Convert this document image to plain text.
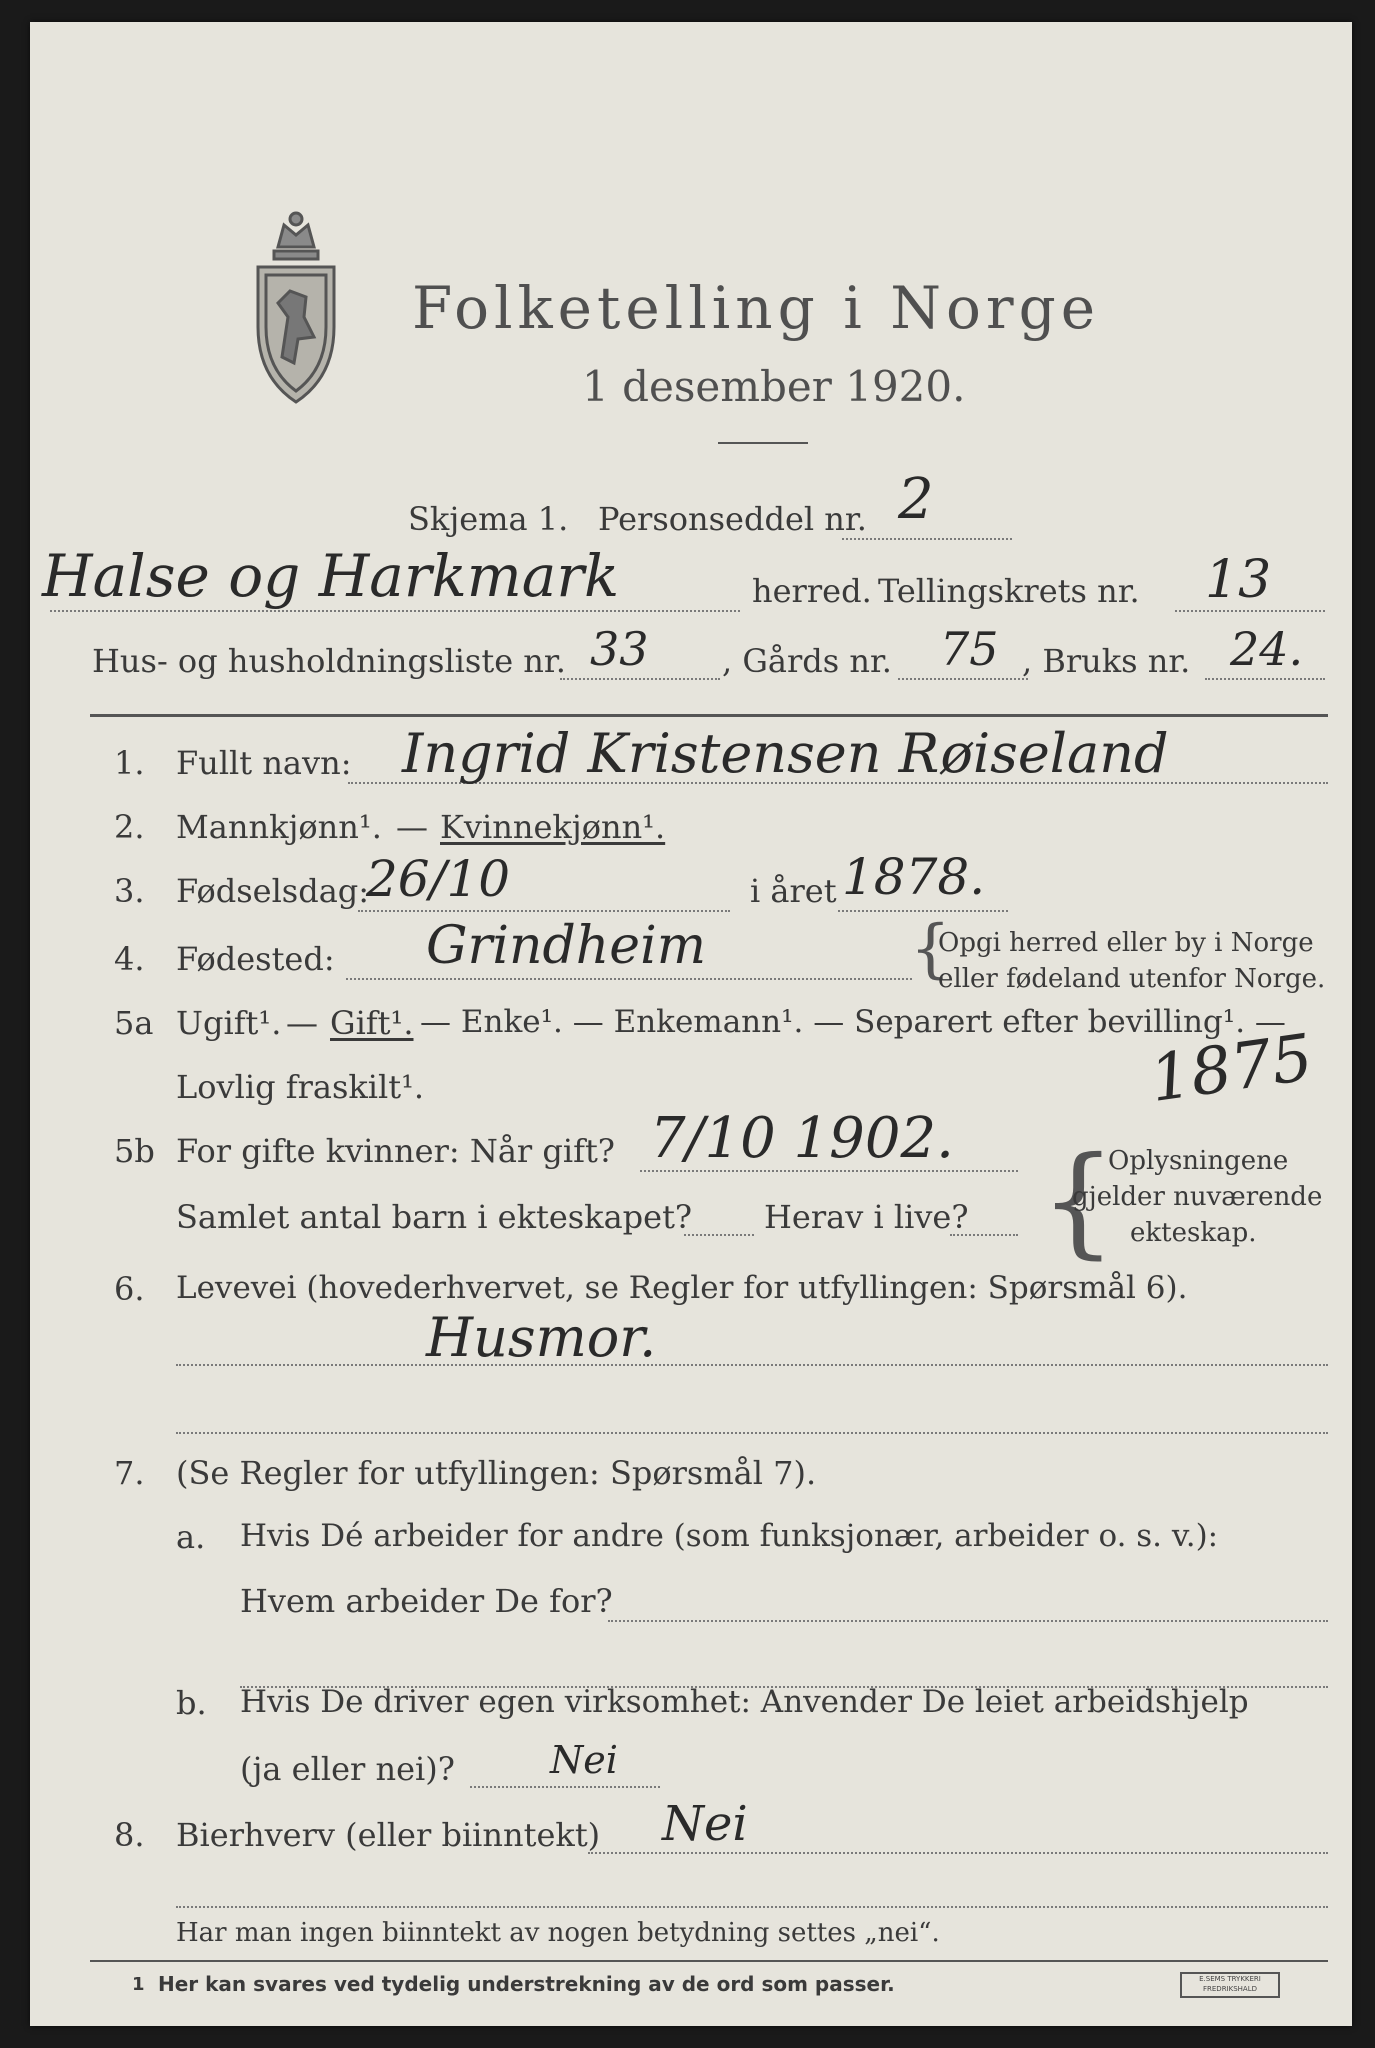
Folketelling i Norge
1 desember 1920.
Skjema 1. Personseddel nr. 2
Halse og Harkmark	herred. Tellingskrets nr. 13
Hus- og husholdningsliste nr. 33 , Gårds nr. 75 , Bruks nr. 24.
1. Fullt navn: Ingrid Kristensen Røiseland
2. Mannkjønn¹. — Kvinnekjønn¹.
3. Fødselsdag:
26/10	i året 1878.
4. Fødested: Grindheim	{
Opgi herred eller by i Norge
eller fødeland utenfor Norge.
5a Ugift¹. — Gift¹. — Enke¹. — Enkemann¹. — Separert efter bevilling¹. —
Lovlig fraskilt¹.	1875
5b For gifte kvinner: Når gift? 7/10 1902.
Samlet antal barn i ekteskapet? Herav i live? {
Oplysningene
gjelder nuværende
ekteskap.
6. Levevei (hovederhvervet, se Regler for utfyllingen: Spørsmål 6).
Husmor.
7. (Se Regler for utfyllingen: Spørsmål 7).
a. Hvis Dé arbeider for andre (som funksjonær, arbeider o. s. v.):
Hvem arbeider De for?
b. Hvis De driver egen virksomhet: Anvender De leiet arbeidshjelp
(ja eller nei)?	Nei
8. Bierhverv (eller biinntekt) Nei
Har man ingen biinntekt av nogen betydning settes „nei“.
1 Her kan svares ved tydelig understrekning av de ord som passer.	E.SEMS TRYKKERI FREDRIKSHALD
